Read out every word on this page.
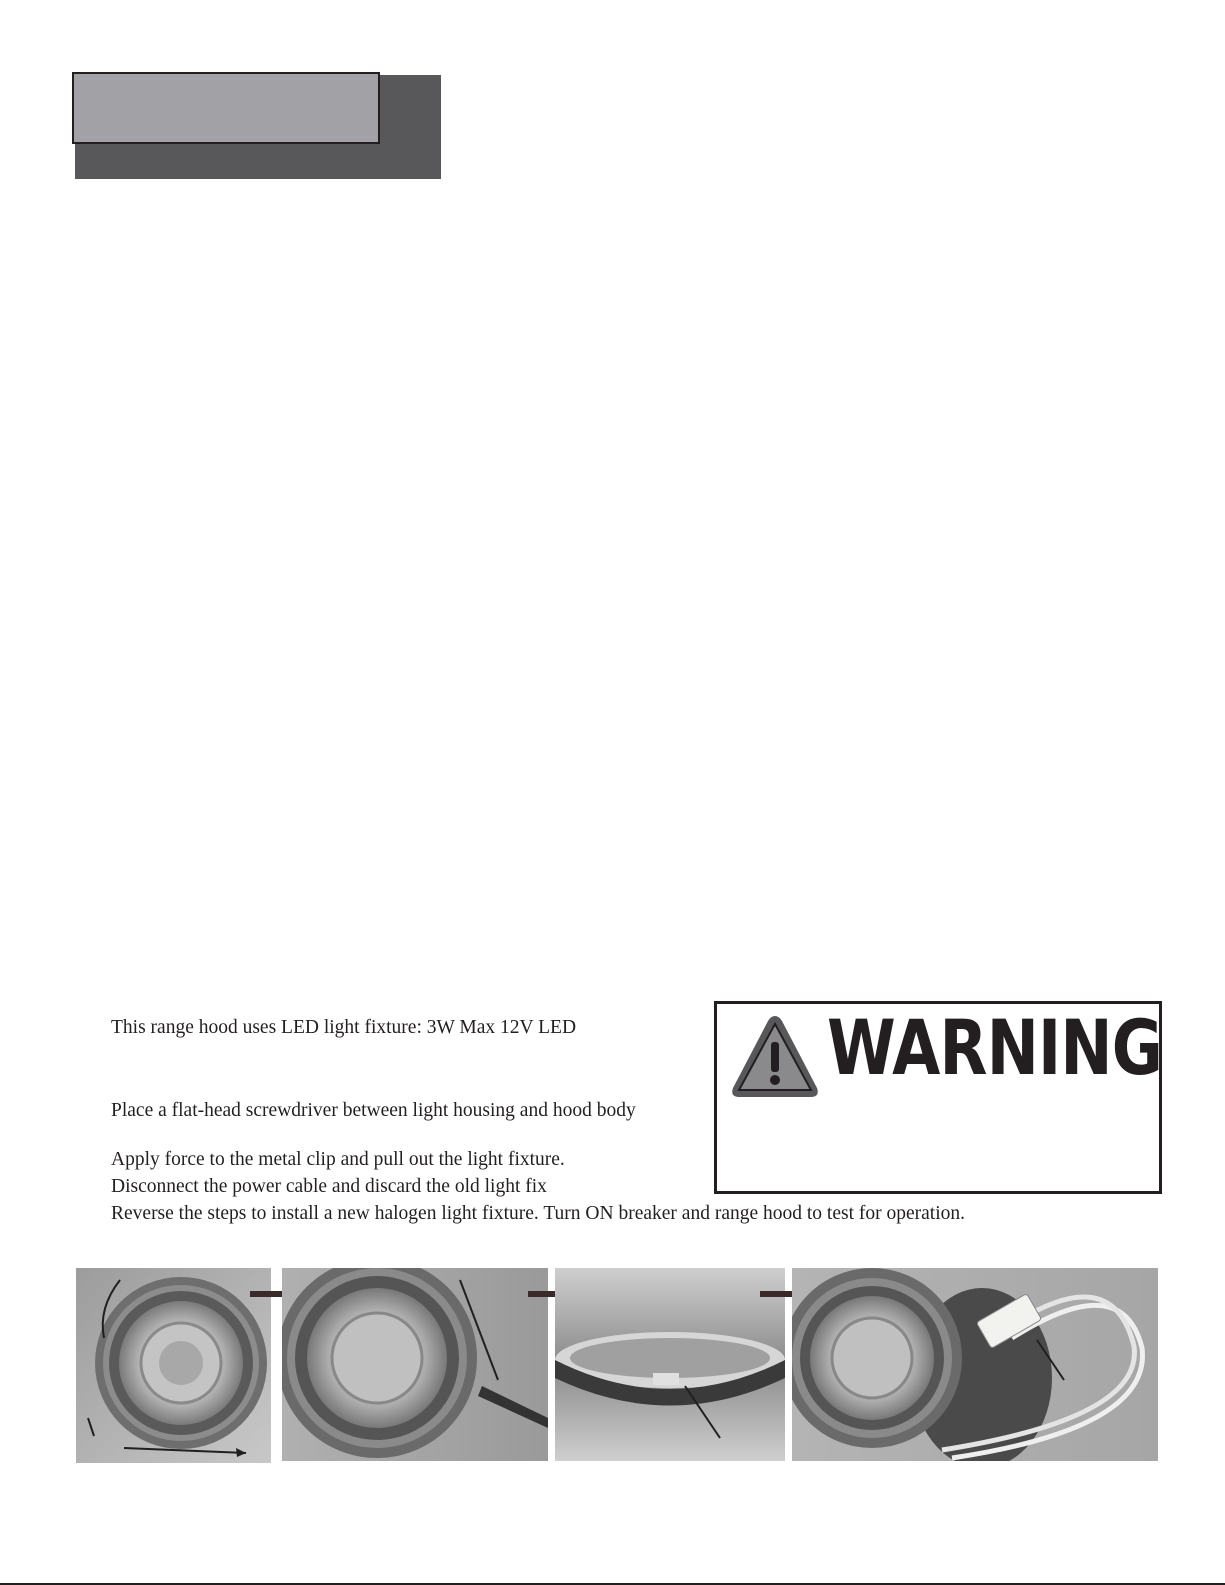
This range hood uses LED light fixture: 3W Max 12V LED
Place a flat-head screwdriver between light housing and hood body
Apply force to the metal clip and pull out the light fixture.
Disconnect the power cable and discard the old light fix
Reverse the steps to install a new halogen light fixture. Turn ON breaker and range hood to test for operation.
WARNING
